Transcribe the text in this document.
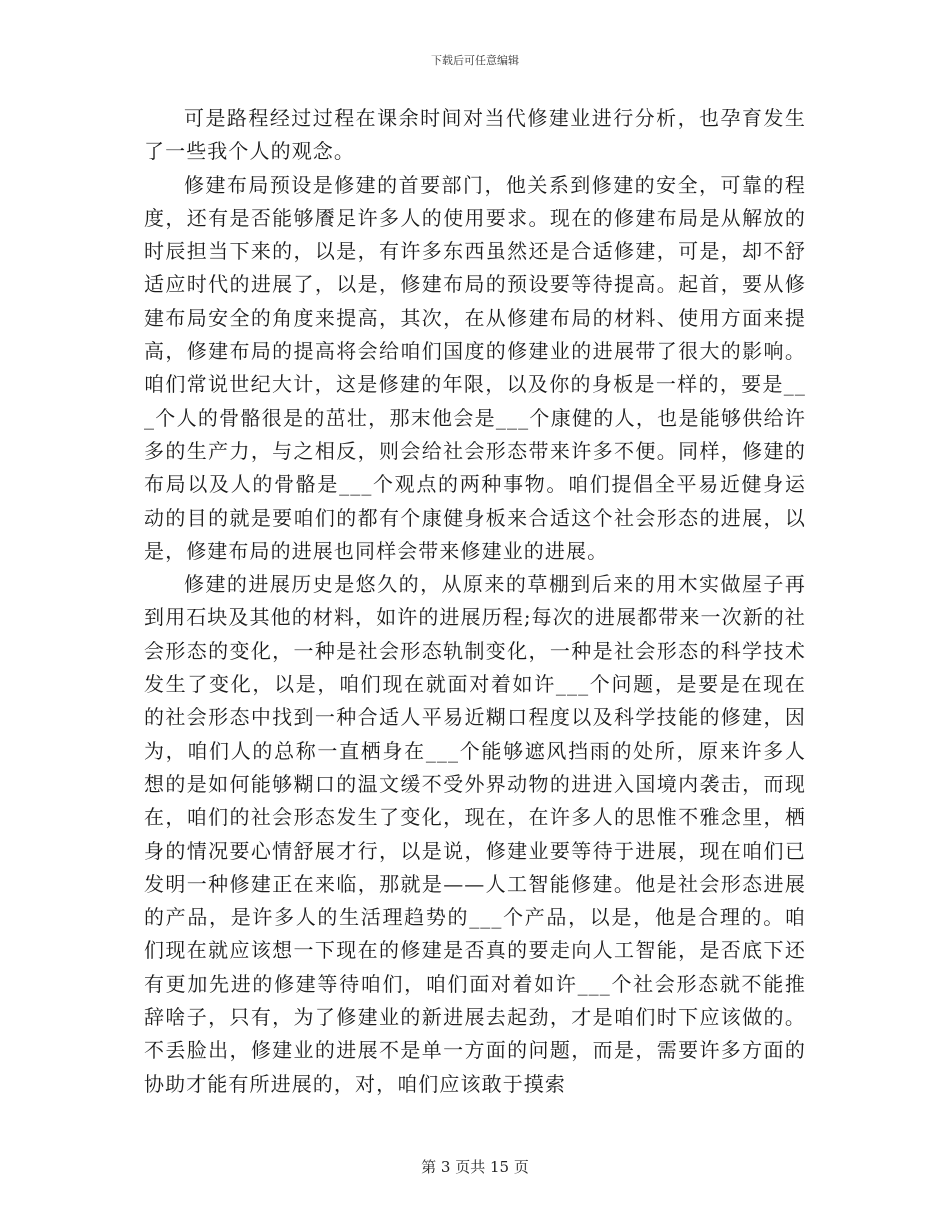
下载后可任意编辑

可是路程经过过程在课余时间对当代修建业进行分析，也孕育发生了一些我个人的观念。

修建布局预设是修建的首要部门，他关系到修建的安全，可靠的程度，还有是否能够餍足许多人的使用要求。现在的修建布局是从解放的时辰担当下来的，以是，有许多东西虽然还是合适修建，可是，却不舒适应时代的进展了，以是，修建布局的预设要等待提高。起首，要从修建布局安全的角度来提高，其次，在从修建布局的材料、使用方面来提高，修建布局的提高将会给咱们国度的修建业的进展带了很大的影响。咱们常说世纪大计，这是修建的年限，以及你的身板是一样的，要是___个人的骨骼很是的茁壮，那末他会是___个康健的人，也是能够供给许多的生产力，与之相反，则会给社会形态带来许多不便。同样，修建的布局以及人的骨骼是___个观点的两种事物。咱们提倡全平易近健身运动的目的就是要咱们的都有个康健身板来合适这个社会形态的进展，以是，修建布局的进展也同样会带来修建业的进展。

修建的进展历史是悠久的，从原来的草棚到后来的用木实做屋子再到用石块及其他的材料，如许的进展历程;每次的进展都带来一次新的社会形态的变化，一种是社会形态轨制变化，一种是社会形态的科学技术发生了变化，以是，咱们现在就面对着如许___个问题，是要是在现在的社会形态中找到一种合适人平易近糊口程度以及科学技能的修建，因为，咱们人的总称一直栖身在___个能够遮风挡雨的处所，原来许多人想的是如何能够糊口的温文缓不受外界动物的进进入国境内袭击，而现在，咱们的社会形态发生了变化，现在，在许多人的思惟不雅念里，栖身的情况要心情舒展才行，以是说，修建业要等待于进展，现在咱们已发明一种修建正在来临，那就是——人工智能修建。他是社会形态进展的产品，是许多人的生活理趋势的___个产品，以是，他是合理的。咱们现在就应该想一下现在的修建是否真的要走向人工智能，是否底下还有更加先进的修建等待咱们，咱们面对着如许___个社会形态就不能推辞啥子，只有，为了修建业的新进展去起劲，才是咱们时下应该做的。不丢脸出，修建业的进展不是单一方面的问题，而是，需要许多方面的协助才能有所进展的，对，咱们应该敢于摸索

第 3 页共 15 页
